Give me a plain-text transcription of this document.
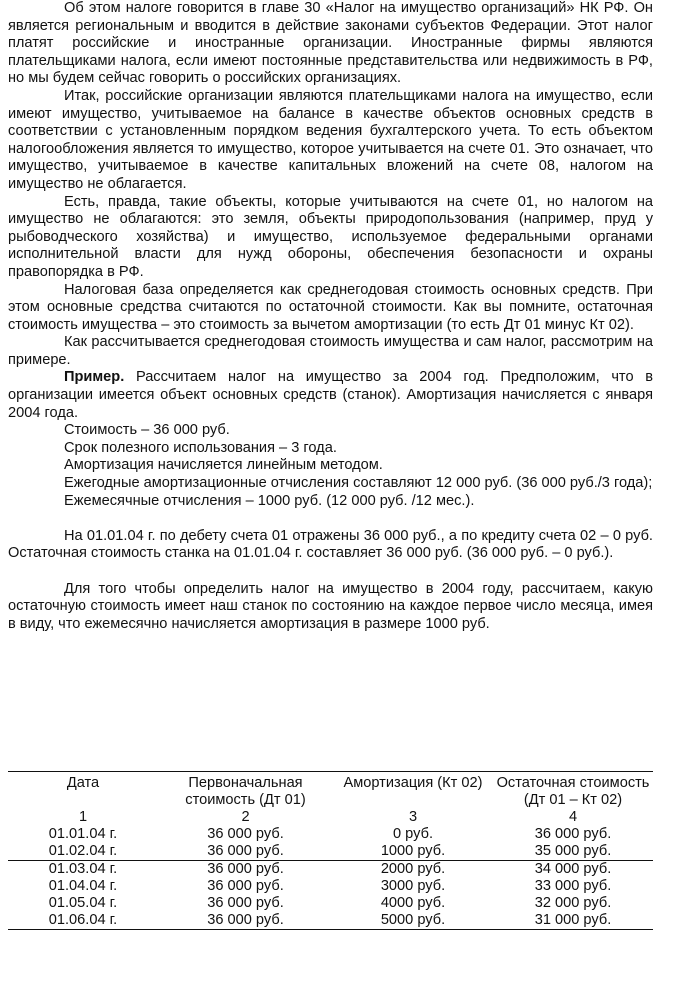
Об этом налоге говорится в главе 30 «Налог на имущество организаций» НК РФ. Он является региональным и вводится в действие законами субъектов Федерации. Этот налог платят российские и иностранные организации. Иностранные фирмы являются плательщиками налога, если имеют постоянные представительства или недвижимость в РФ, но мы будем сейчас говорить о российских организациях.

Итак, российские организации являются плательщиками налога на имущество, если имеют имущество, учитываемое на балансе в качестве объектов основных средств в соответствии с установленным порядком ведения бухгалтерского учета. То есть объектом налогообложения является то имущество, которое учитывается на счете 01. Это означает, что имущество, учитываемое в качестве капитальных вложений на счете 08, налогом на имущество не облагается.

Есть, правда, такие объекты, которые учитываются на счете 01, но налогом на имущество не облагаются: это земля, объекты природопользования (например, пруд у рыбоводческого хозяйства) и имущество, используемое федеральными органами исполнительной власти для нужд обороны, обеспечения безопасности и охраны правопорядка в РФ.

Налоговая база определяется как среднегодовая стоимость основных средств. При этом основные средства считаются по остаточной стоимости. Как вы помните, остаточная стоимость имущества – это стоимость за вычетом амортизации (то есть Дт 01 минус Кт 02).

Как рассчитывается среднегодовая стоимость имущества и сам налог, рассмотрим на примере.

Пример. Рассчитаем налог на имущество за 2004 год. Предположим, что в организации имеется объект основных средств (станок). Амортизация начисляется с января 2004 года.

Стоимость – 36 000 руб.

Срок полезного использования – 3 года.

Амортизация начисляется линейным методом.

Ежегодные амортизационные отчисления составляют 12 000 руб. (36 000 руб./3 года);

Ежемесячные отчисления – 1000 руб. (12 000 руб. /12 мес.).

На 01.01.04 г. по дебету счета 01 отражены 36 000 руб., а по кредиту счета 02 – 0 руб. Остаточная стоимость станка на 01.01.04 г. составляет 36 000 руб. (36 000 руб. – 0 руб.).

Для того чтобы определить налог на имущество в 2004 году, рассчитаем, какую остаточную стоимость имеет наш станок по состоянию на каждое первое число месяца, имея в виду, что ежемесячно начисляется амортизация в размере 1000 руб.

Дата	Первоначальная стоимость (Дт 01)	Амортизация (Кт 02)	Остаточная стоимость (Дт 01 – Кт 02)
1	2	3	4
01.01.04 г.	36 000 руб.	0 руб.	36 000 руб.
01.02.04 г.	36 000 руб.	1000 руб.	35 000 руб.
01.03.04 г.	36 000 руб.	2000 руб.	34 000 руб.
01.04.04 г.	36 000 руб.	3000 руб.	33 000 руб.
01.05.04 г.	36 000 руб.	4000 руб.	32 000 руб.
01.06.04 г.	36 000 руб.	5000 руб.	31 000 руб.
